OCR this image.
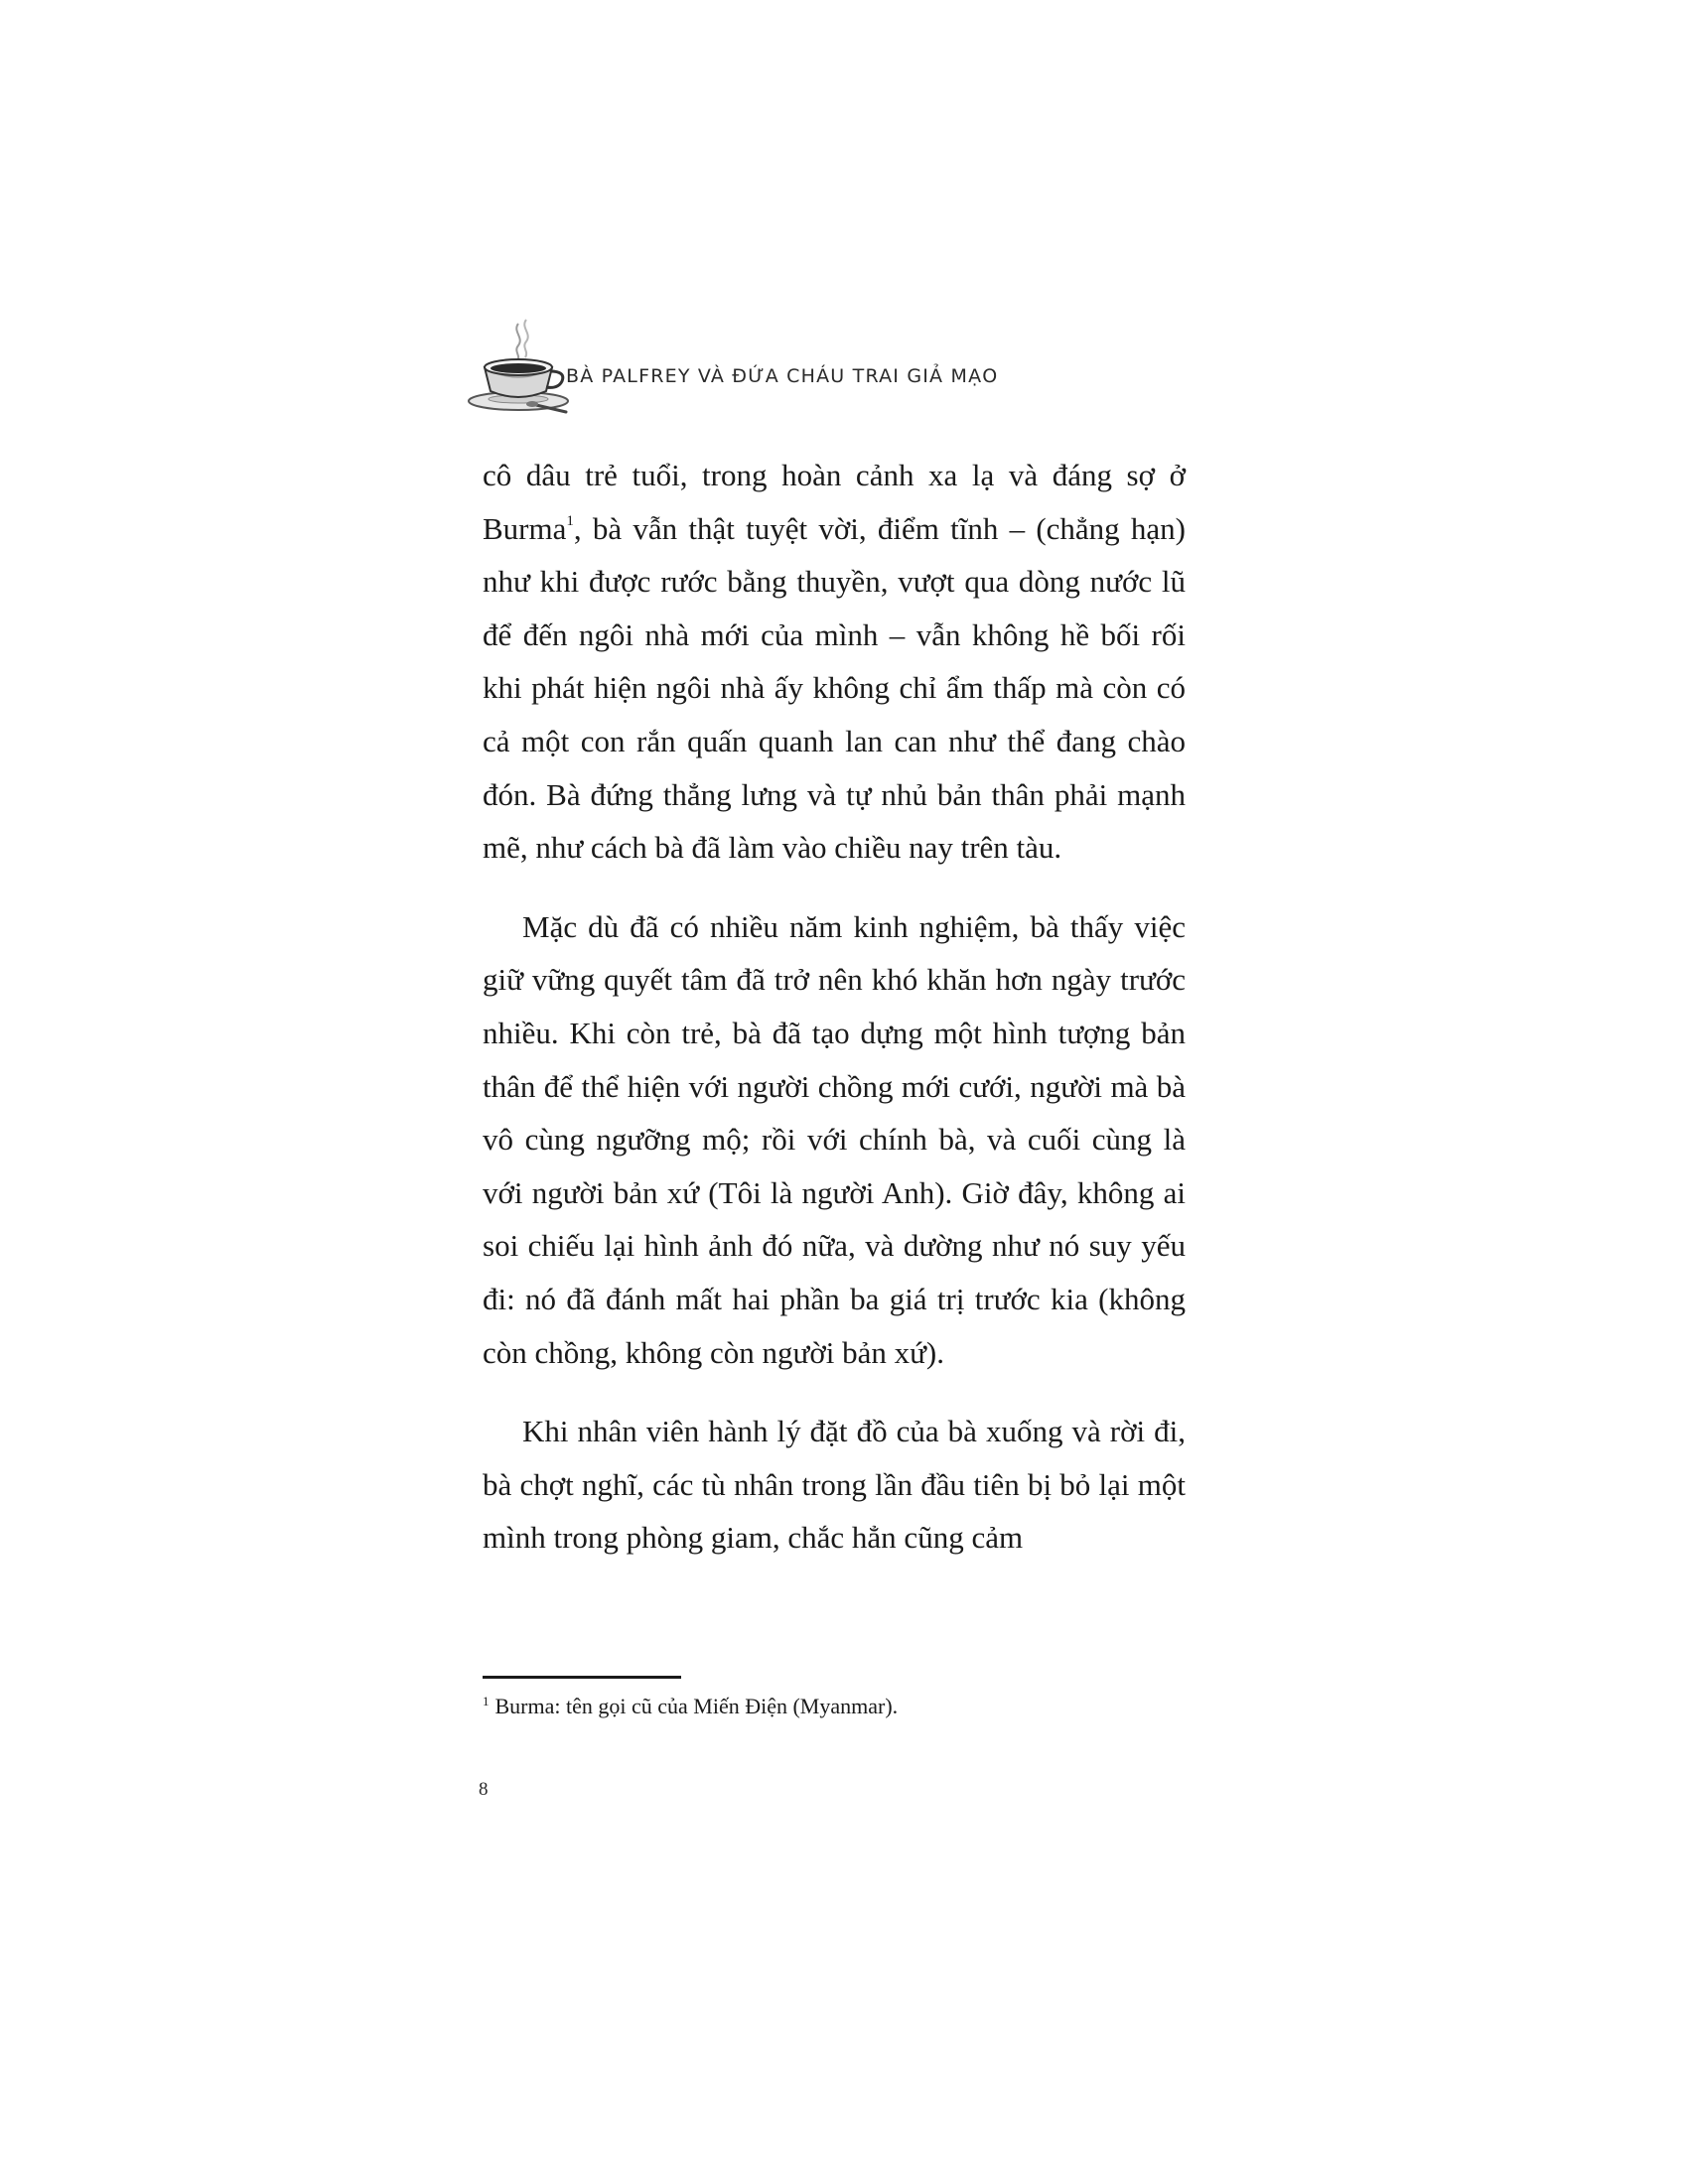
BÀ PALFREY VÀ ĐỨA CHÁU TRAI GIẢ MẠO

cô dâu trẻ tuổi, trong hoàn cảnh xa lạ và đáng sợ ở Burma$^1$, bà vẫn thật tuyệt vời, điểm tĩnh – (chẳng hạn) như khi được rước bằng thuyền, vượt qua dòng nước lũ để đến ngôi nhà mới của mình – vẫn không hề bối rối khi phát hiện ngôi nhà ấy không chỉ ẩm thấp mà còn có cả một con rắn quấn quanh lan can như thể đang chào đón. Bà đứng thẳng lưng và tự nhủ bản thân phải mạnh mẽ, như cách bà đã làm vào chiều nay trên tàu.

Mặc dù đã có nhiều năm kinh nghiệm, bà thấy việc giữ vững quyết tâm đã trở nên khó khăn hơn ngày trước nhiều. Khi còn trẻ, bà đã tạo dựng một hình tượng bản thân để thể hiện với người chồng mới cưới, người mà bà vô cùng ngưỡng mộ; rồi với chính bà, và cuối cùng là với người bản xứ (Tôi là người Anh). Giờ đây, không ai soi chiếu lại hình ảnh đó nữa, và dường như nó suy yếu đi: nó đã đánh mất hai phần ba giá trị trước kia (không còn chồng, không còn người bản xứ).

Khi nhân viên hành lý đặt đồ của bà xuống và rời đi, bà chợt nghĩ, các tù nhân trong lần đầu tiên bị bỏ lại một mình trong phòng giam, chắc hẳn cũng cảm

$^1$ Burma: tên gọi cũ của Miến Điện (Myanmar).
8
